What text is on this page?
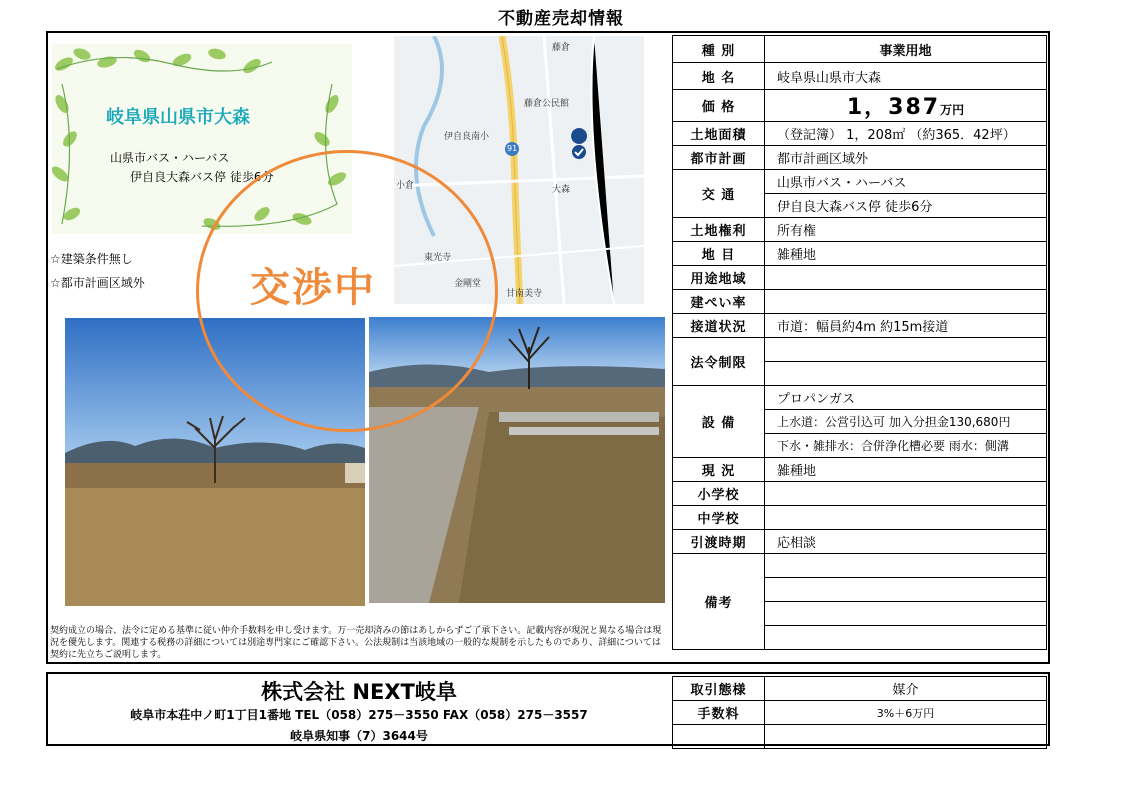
不動産売却情報
岐阜県山県市大森
山県市バス・ハーバス
伊自良大森バス停 徒歩6分
☆建築条件無し
☆都市計画区域外
藤倉
藤倉公民館
伊自良南小
91
大森
小倉
東光寺
金剛堂
甘南美寺
交渉中
契約成立の場合、法令に定める基準に従い仲介手数料を申し受けます。万一売却済みの節はあしからずご了承下さい。記載内容が現況と異なる場合は現況を優先します。関連する税務の詳細については別途専門家にご確認下さい。公法規制は当該地域の一般的な規制を示したものであり、詳細については契約に先立ちご説明します。
種 別	事業用地
地 名	岐阜県山県市大森
価 格	1，387万円
土地面積	（登記簿） 1，208㎡ （約365．42坪）
都市計画	都市計画区域外
交 通	山県市バス・ハーバス
	伊自良大森バス停 徒歩6分
土地権利	所有権
地 目	雑種地
用途地域	
建ぺい率	
接道状況	市道：幅員約4m 約15m接道
法令制限	

設 備	プロパンガス
	上水道：公営引込可 加入分担金130,680円
	下水・雑排水：合併浄化槽必要 雨水：側溝
現 況	雑種地
小学校	
中学校	
引渡時期	応相談
備考	

株式会社 NEXT岐阜
岐阜市本荘中ノ町1丁目1番地 TEL（058）275－3550 FAX（058）275－3557
岐阜県知事（7）3644号
取引態様	媒介
手数料	3%＋6万円
